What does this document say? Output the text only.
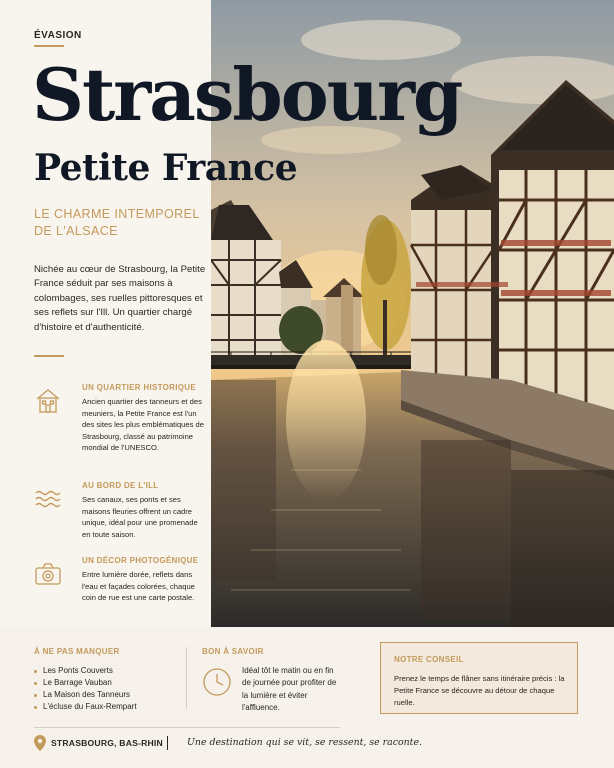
ÉVASION
Strasbourg
Petite France
LE CHARME INTEMPOREL DE L'ALSACE
Nichée au cœur de Strasbourg, la Petite France séduit par ses maisons à colombages, ses ruelles pittoresques et ses reflets sur l'Ill. Un quartier chargé d'histoire et d'authenticité.
UN QUARTIER HISTORIQUE
Ancien quartier des tanneurs et des meuniers, la Petite France est l'un des sites les plus emblématiques de Strasbourg, classé au patrimoine mondial de l'UNESCO.
AU BORD DE L'ILL
Ses canaux, ses ponts et ses maisons fleuries offrent un cadre unique, idéal pour une promenade en toute saison.
UN DÉCOR PHOTOGÉNIQUE
Entre lumière dorée, reflets dans l'eau et façades colorées, chaque coin de rue est une carte postale.
À NE PAS MANQUER
Les Ponts Couverts
Le Barrage Vauban
La Maison des Tanneurs
L'écluse du Faux-Rempart
BON À SAVOIR
Idéal tôt le matin ou en fin de journée pour profiter de la lumière et éviter l'affluence.
NOTRE CONSEIL
Prenez le temps de flâner sans itinéraire précis : la Petite France se découvre au détour de chaque ruelle.
STRASBOURG, BAS-RHIN	Une destination qui se vit, se ressent, se raconte.
